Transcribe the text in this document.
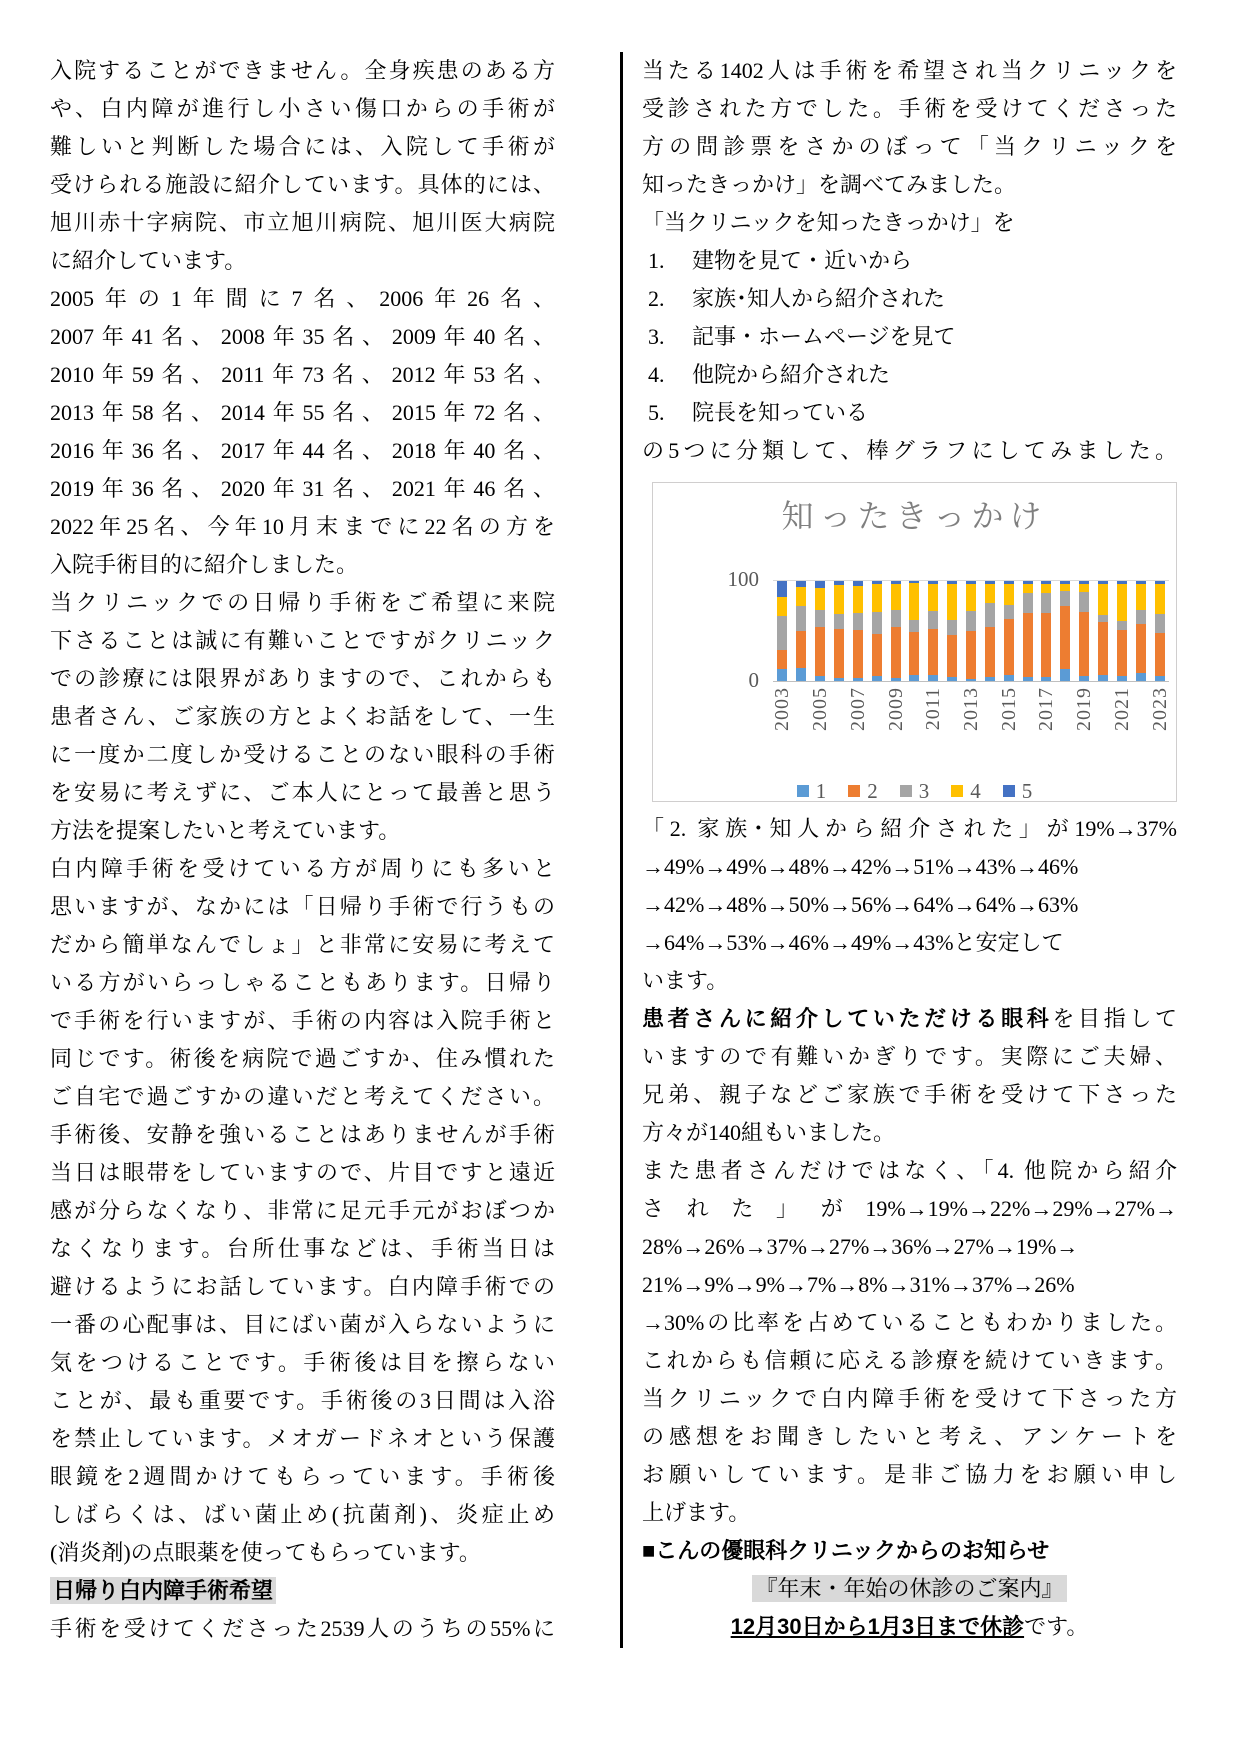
入院することができません。全身疾患のある方
や、白内障が進行し小さい傷口からの手術が
難しいと判断した場合には、入院して手術が
受けられる施設に紹介しています。具体的には、
旭川赤十字病院、市立旭川病院、旭川医大病院
に紹介しています。
2005年の1年間に7名、2006年26名、
2007年41名、2008年35名、2009年40名、
2010年59名、2011年73名、2012年53名、
2013年58名、2014年55名、2015年72名、
2016年36名、2017年44名、2018年40名、
2019年36名、2020年31名、2021年46名、
2022年25名、今年10月末までに22名の方を
入院手術目的に紹介しました。
当クリニックでの日帰り手術をご希望に来院
下さることは誠に有難いことですがクリニック
での診療には限界がありますので、これからも
患者さん、ご家族の方とよくお話をして、一生
に一度か二度しか受けることのない眼科の手術
を安易に考えずに、ご本人にとって最善と思う
方法を提案したいと考えています。
白内障手術を受けている方が周りにも多いと
思いますが、なかには「日帰り手術で行うもの
だから簡単なんでしょ」と非常に安易に考えて
いる方がいらっしゃることもあります。日帰り
で手術を行いますが、手術の内容は入院手術と
同じです。術後を病院で過ごすか、住み慣れた
ご自宅で過ごすかの違いだと考えてください。
手術後、安静を強いることはありませんが手術
当日は眼帯をしていますので、片目ですと遠近
感が分らなくなり、非常に足元手元がおぼつか
なくなります。台所仕事などは、手術当日は
避けるようにお話しています。白内障手術での
一番の心配事は、目にばい菌が入らないように
気をつけることです。手術後は目を擦らない
ことが、最も重要です。手術後の3日間は入浴
を禁止しています。メオガードネオという保護
眼鏡を2週間かけてもらっています。手術後
しばらくは、ばい菌止め(抗菌剤)、炎症止め
(消炎剤)の点眼薬を使ってもらっています。
日帰り白内障手術希望
手術を受けてくださった2539人のうちの55%に
当たる1402人は手術を希望され当クリニックを
受診された方でした。手術を受けてくださった
方の問診票をさかのぼって「当クリニックを
知ったきっかけ」を調べてみました。
「当クリニックを知ったきっかけ」を
1. 建物を見て・近いから
2. 家族･知人から紹介された
3. 記事・ホームページを見て
4. 他院から紹介された
5. 院長を知っている
の5つに分類して、棒グラフにしてみました。
知ったきっかけ
100
0
2003 2005 2007 2009 2011 2013 2015 2017 2019 2021 2023
1 2 3 4 5
「2. 家族･知人から紹介された」が19%→37%
→49%→49%→48%→42%→51%→43%→46%
→42%→48%→50%→56%→64%→64%→63%
→64%→53%→46%→49%→43%と安定して
います。
患者さんに紹介していただける眼科を目指して
いますので有難いかぎりです。実際にご夫婦、
兄弟、親子などご家族で手術を受けて下さった
方々が140組もいました。
また患者さんだけではなく、「4. 他院から紹介
された」が19%→19%→22%→29%→27%→
28%→26%→37%→27%→36%→27%→19%→
21%→9%→9%→7%→8%→31%→37%→26%
→30%の比率を占めていることもわかりました。
これからも信頼に応える診療を続けていきます。
当クリニックで白内障手術を受けて下さった方
の感想をお聞きしたいと考え、アンケートを
お願いしています。是非ご協力をお願い申し
上げます。
■こんの優眼科クリニックからのお知らせ
『年末・年始の休診のご案内』
12月30日から1月3日まで休診です。
